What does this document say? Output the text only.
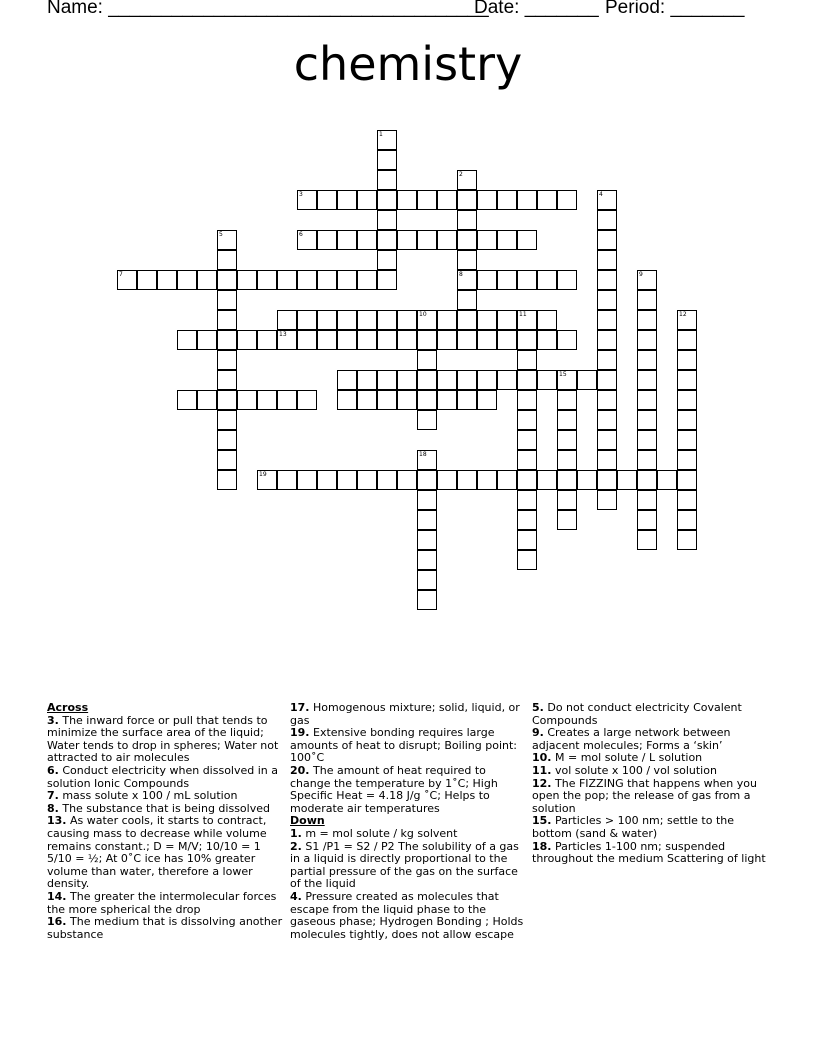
Name: ____________________________________
Date: _______ Period: _______
chemistry
7
19
15
13
10	11
3
6
8
1
2
4
5
9
12
18
Across
3. The inward force or pull that tends to minimize the surface area of the liquid; Water tends to drop in spheres; Water not attracted to air molecules
6. Conduct electricity when dissolved in a solution Ionic Compounds
7. mass solute x 100 / mL solution
8. The substance that is being dissolved
13. As water cools, it starts to contract, causing mass to decrease while volume remains constant.; D = M/V; 10/10 = 1 5/10 = ½; At 0˚C ice has 10% greater volume than water, therefore a lower density.
14. The greater the intermolecular forces the more spherical the drop
16. The medium that is dissolving another substance
17. Homogenous mixture; solid, liquid, or gas
19. Extensive bonding requires large amounts of heat to disrupt; Boiling point: 100˚C
20. The amount of heat required to change the temperature by 1˚C; High Specific Heat = 4.18 J/g ˚C; Helps to moderate air temperatures
Down
1. m = mol solute / kg solvent
2. S1 /P1 = S2 / P2 The solubility of a gas in a liquid is directly proportional to the partial pressure of the gas on the surface of the liquid
4. Pressure created as molecules that escape from the liquid phase to the gaseous phase; Hydrogen Bonding ; Holds molecules tightly, does not allow escape
5. Do not conduct electricity Covalent Compounds
9. Creates a large network between adjacent molecules; Forms a ‘skin’
10. M = mol solute / L solution
11. vol solute x 100 / vol solution
12. The FIZZING that happens when you open the pop; the release of gas from a solution
15. Particles > 100 nm; settle to the bottom (sand & water)
18. Particles 1-100 nm; suspended throughout the medium Scattering of light
